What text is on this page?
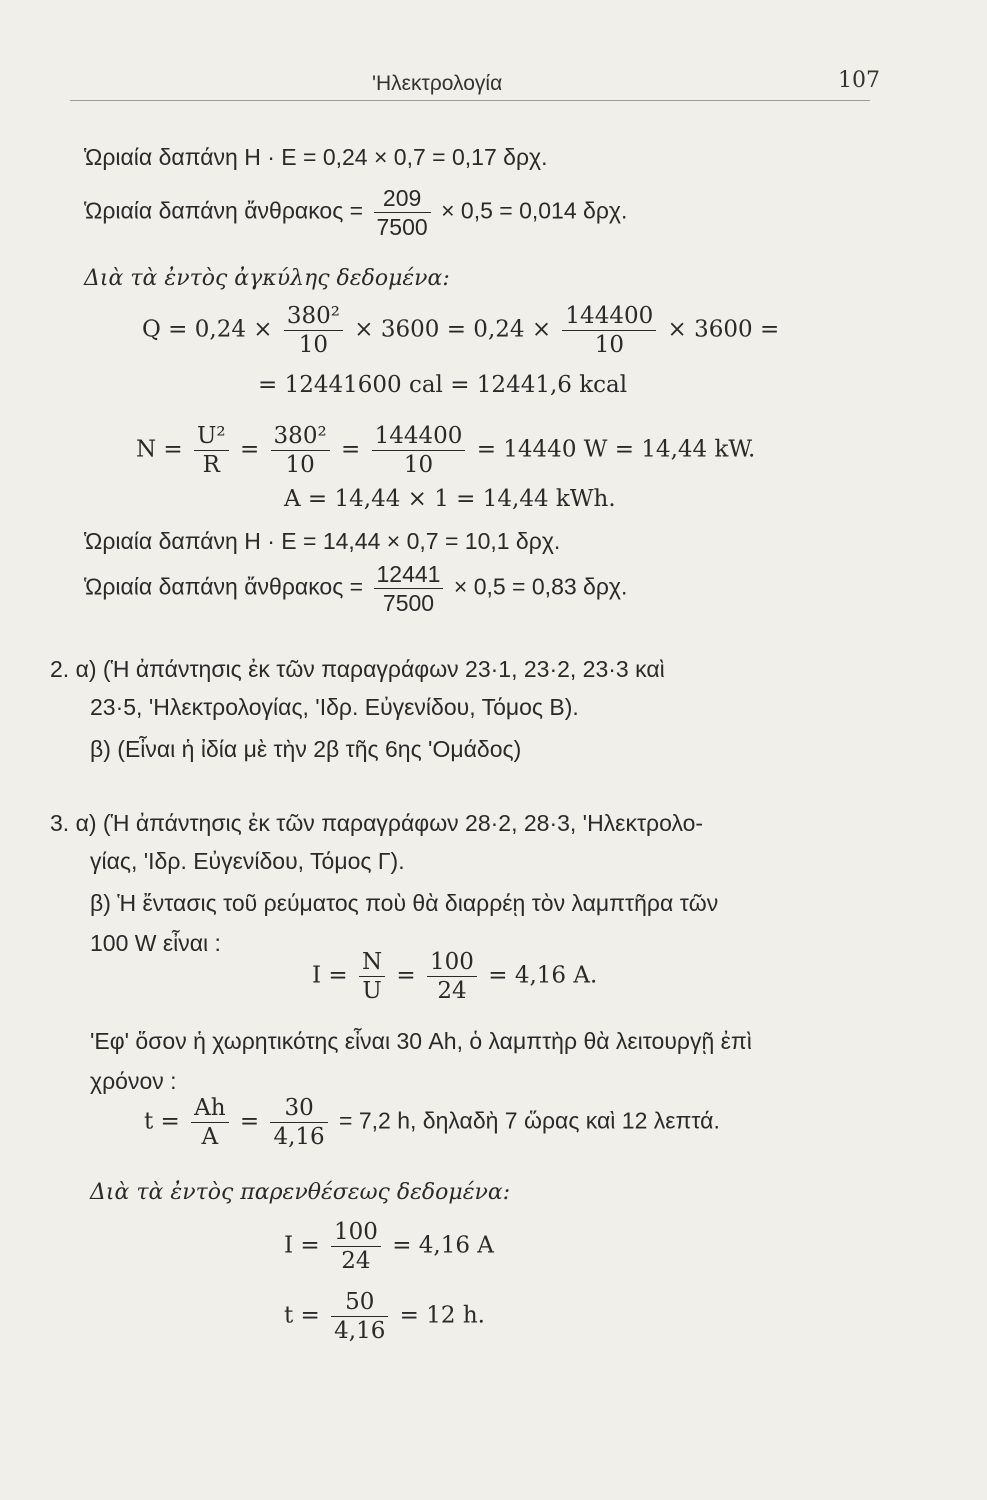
'Ηλεκτρολογία	107
Ὡριαία δαπάνη Η · Ε = 0,24 × 0,7 = 0,17 δρχ.
Ὡριαία δαπάνη ἄνθρακος = $\frac{209}{7500} \times 0,5 = 0,014$ δρχ.
Διὰ τὰ ἐντὸς ἀγκύλης δεδομένα:
$Q = 0,24 \times \frac{\text{380²}}{10} \times 3600 = 0,24 \times \frac{144400}{10} \times 3600$ =
= 12441600 cal = 12441,6 kcal
$N = \frac{\text{U²}}{R} = \frac{\text{380²}}{10} = \frac{144400}{10} = 14440$ W = 14,44 kW.
A = 14,44 × 1 = 14,44 kWh.
Ὡριαία δαπάνη Η · Ε = 14,44 × 0,7 = 10,1 δρχ.
Ὡριαία δαπάνη ἄνθρακος = $\frac{12441}{7500} \times 0,5 = 0,83$ δρχ.
2. α) (Ἡ ἀπάντησις ἐκ τῶν παραγράφων 23·1, 23·2, 23·3 καὶ
23·5, 'Ηλεκτρολογίας, 'Ιδρ. Εὐγενίδου, Τόμος Β).
β) (Εἶναι ἡ ἰδία μὲ τὴν 2β τῆς 6ης 'Ομάδος)
3. α) (Ἡ ἀπάντησις ἐκ τῶν παραγράφων 28·2, 28·3, 'Ηλεκτρολο-
γίας, 'Ιδρ. Εὐγενίδου, Τόμος Γ).
β) Ἡ ἔντασις τοῦ ρεύματος ποὺ θὰ διαρρέῃ τὸν λαμπτῆρα τῶν
100 W εἶναι :
$I = \frac{N}{U} = \frac{100}{24} = 4,16$ A.
'Εφ' ὅσον ἡ χωρητικότης εἶναι 30 Ah, ὁ λαμπτὴρ θὰ λειτουργῇ ἐπὶ
χρόνον :
$t = \frac{Ah}{A} = \frac{30}{4,16} = 7,2$ h, δηλαδὴ 7 ὥρας καὶ 12 λεπτά.
Διὰ τὰ ἐντὸς παρενθέσεως δεδομένα:
$I = \frac{100}{24} = 4,16$ A
$t = \frac{50}{4,16} = 12$ h.
